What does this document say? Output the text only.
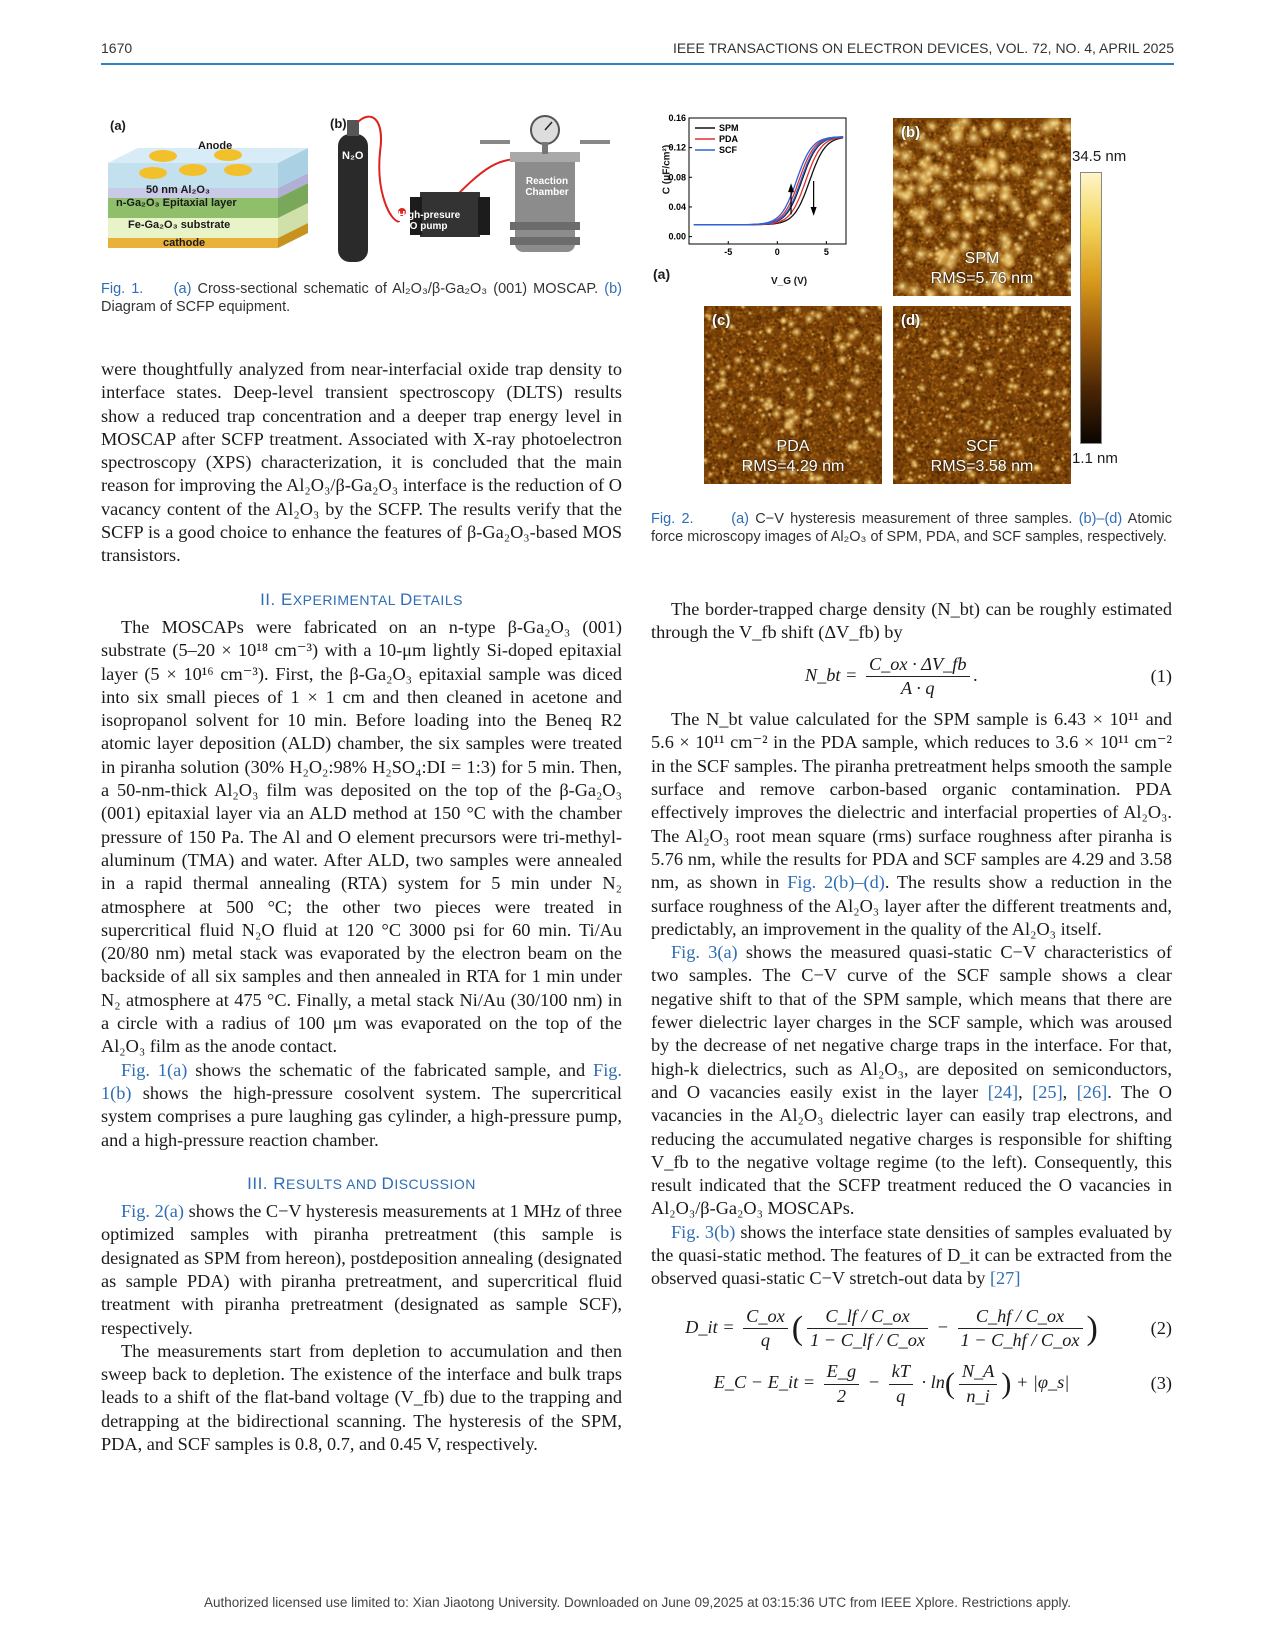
1670	IEEE TRANSACTIONS ON ELECTRON DEVICES, VOL. 72, NO. 4, APRIL 2025
(a)
Anode
50 nm Al₂O₃
n-Ga₂O₃ Epitaxial layer
Fe-Ga₂O₃ substrate
cathode
(b)
N₂O
High-presure N₂O pump
Reaction Chamber
Fig. 1. (a) Cross-sectional schematic of Al₂O₃/β-Ga₂O₃ (001) MOSCAP. (b) Diagram of SCFP equipment.
0.00
0.04
0.08
0.12
0.16
-5	0	5
SPM
PDA
SCF
(a)
C (μF/cm²)
V_G (V)
(b)
SPM
RMS=5.76 nm
(c)
PDA
RMS=4.29 nm
(d)
SCF
RMS=3.58 nm
34.5 nm
1.1 nm
Fig. 2.	(a) C−V hysteresis measurement of three samples. (b)–(d) Atomic force microscopy images of Al₂O₃ of SPM, PDA, and SCF samples, respectively.

were thoughtfully analyzed from near-interfacial oxide trap density to interface states. Deep-level transient spectroscopy (DLTS) results show a reduced trap concentration and a deeper trap energy level in MOSCAP after SCFP treatment. Associated with X-ray photoelectron spectroscopy (XPS) characterization, it is concluded that the main reason for improving the Al₂O₃/β-Ga₂O₃ interface is the reduction of O vacancy content of the Al₂O₃ by the SCFP. The results verify that the SCFP is a good choice to enhance the features of β-Ga₂O₃-based MOS transistors.

II. EXPERIMENTAL DETAILS

The MOSCAPs were fabricated on an n-type β-Ga₂O₃ (001) substrate (5–20 × 10¹⁸ cm⁻³) with a 10-μm lightly Si-doped epitaxial layer (5 × 10¹⁶ cm⁻³). First, the β-Ga₂O₃ epitaxial sample was diced into six small pieces of 1 × 1 cm and then cleaned in acetone and isopropanol solvent for 10 min. Before loading into the Beneq R2 atomic layer deposition (ALD) chamber, the six samples were treated in piranha solution (30% H₂O₂:98% H₂SO₄:DI = 1:3) for 5 min. Then, a 50-nm-thick Al₂O₃ film was deposited on the top of the β-Ga₂O₃ (001) epitaxial layer via an ALD method at 150 °C with the chamber pressure of 150 Pa. The Al and O element precursors were tri-methyl-aluminum (TMA) and water. After ALD, two samples were annealed in a rapid thermal annealing (RTA) system for 5 min under N₂ atmosphere at 500 °C; the other two pieces were treated in supercritical fluid N₂O fluid at 120 °C 3000 psi for 60 min. Ti/Au (20/80 nm) metal stack was evaporated by the electron beam on the backside of all six samples and then annealed in RTA for 1 min under N₂ atmosphere at 475 °C. Finally, a metal stack Ni/Au (30/100 nm) in a circle with a radius of 100 μm was evaporated on the top of the Al₂O₃ film as the anode contact.

Fig. 1(a) shows the schematic of the fabricated sample, and Fig. 1(b) shows the high-pressure cosolvent system. The supercritical system comprises a pure laughing gas cylinder, a high-pressure pump, and a high-pressure reaction chamber.

III. RESULTS AND DISCUSSION

Fig. 2(a) shows the C−V hysteresis measurements at 1 MHz of three optimized samples with piranha pretreatment (this sample is designated as SPM from hereon), postdeposition annealing (designated as sample PDA) with piranha pretreatment, and supercritical fluid treatment with piranha pretreatment (designated as sample SCF), respectively.

The measurements start from depletion to accumulation and then sweep back to depletion. The existence of the interface and bulk traps leads to a shift of the flat-band voltage (V_fb) due to the trapping and detrapping at the bidirectional scanning. The hysteresis of the SPM, PDA, and SCF samples is 0.8, 0.7, and 0.45 V, respectively.

The border-trapped charge density (N_bt) can be roughly estimated through the V_fb shift (ΔV_fb) by

N_bt = $\frac{C\_ox \cdot \Delta V\_fb}{A \cdot q}$ .	(1)

The N_bt value calculated for the SPM sample is 6.43 × 10¹¹ and 5.6 × 10¹¹ cm⁻² in the PDA sample, which reduces to 3.6 × 10¹¹ cm⁻² in the SCF samples. The piranha pretreatment helps smooth the sample surface and remove carbon-based organic contamination. PDA effectively improves the dielectric and interfacial properties of Al₂O₃. The Al₂O₃ root mean square (rms) surface roughness after piranha is 5.76 nm, while the results for PDA and SCF samples are 4.29 and 3.58 nm, as shown in Fig. 2(b)–(d). The results show a reduction in the surface roughness of the Al₂O₃ layer after the different treatments and, predictably, an improvement in the quality of the Al₂O₃ itself.

Fig. 3(a) shows the measured quasi-static C−V characteristics of two samples. The C−V curve of the SCF sample shows a clear negative shift to that of the SPM sample, which means that there are fewer dielectric layer charges in the SCF sample, which was aroused by the decrease of net negative charge traps in the interface. For that, high-k dielectrics, such as Al₂O₃, are deposited on semiconductors, and O vacancies easily exist in the layer [24], [25], [26]. The O vacancies in the Al₂O₃ dielectric layer can easily trap electrons, and reducing the accumulated negative charges is responsible for shifting V_fb to the negative voltage regime (to the left). Consequently, this result indicated that the SCFP treatment reduced the O vacancies in Al₂O₃/β-Ga₂O₃ MOSCAPs.

Fig. 3(b) shows the interface state densities of samples evaluated by the quasi-static method. The features of D_it can be extracted from the observed quasi-static C−V stretch-out data by [27]

D_it = $\frac{C\_ox}{q}$ ( $\frac{C\_lf / C\_ox}{1 - C\_lf / C\_ox} - \frac{C\_hf / C\_ox}{1 - C\_hf / C\_ox}$ )	(2)
E_C − E_it = $\frac{E\_g}{2} - \frac{kT}{q} \cdot \ln( \frac{N\_A}{n\_i}$ ) + |φ_s|	(3)
Authorized licensed use limited to: Xian Jiaotong University. Downloaded on June 09,2025 at 03:15:36 UTC from IEEE Xplore. Restrictions apply.
